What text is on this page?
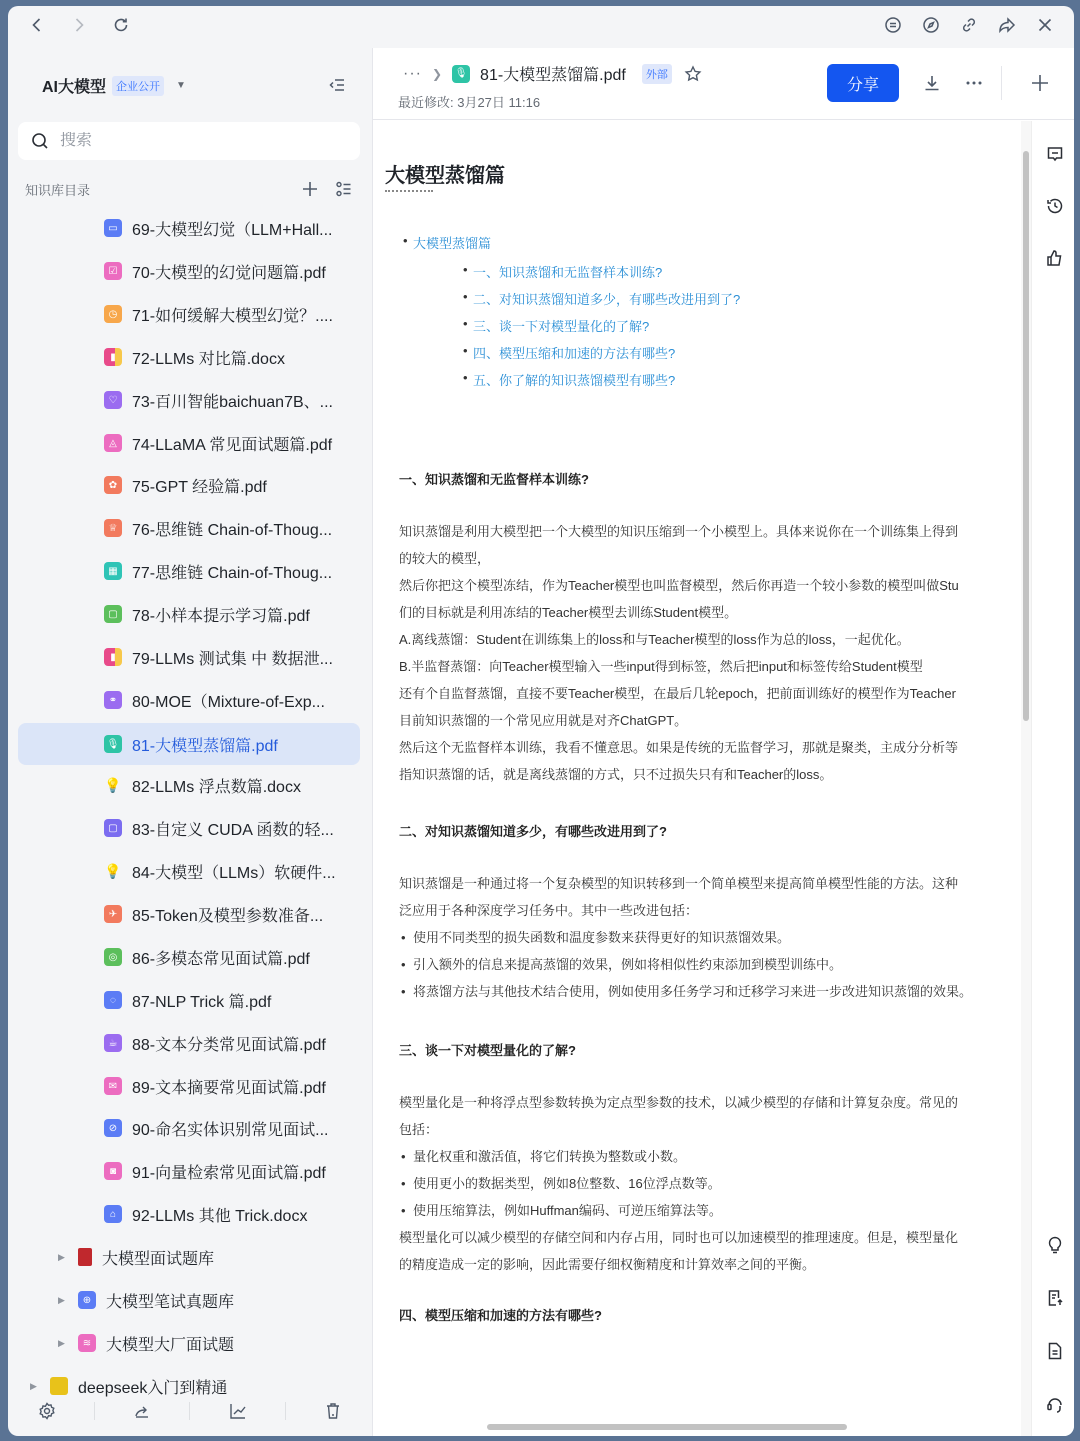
AI大模型 企业公开	▼
搜索
知识库目录
▭ 69-大模型幻觉（LLM+Hall...
☑ 70-大模型的幻觉问题篇.pdf
◷ 71-如何缓解大模型幻觉？....
▮	72-LLMs 对比篇.docx
♡ 73-百川智能baichuan7B、...
◬ 74-LLaMA 常见面试题篇.pdf
✿ 75-GPT 经验篇.pdf
♕ 76-思维链 Chain-of-Thoug...
▦ 77-思维链 Chain-of-Thoug...
▢ 78-小样本提示学习篇.pdf
▮	79-LLMs 测试集 中 数据泄...
⚭ 80-MOE（Mixture-of-Exp...
🎙 81-大模型蒸馏篇.pdf
💡 82-LLMs 浮点数篇.docx
▢ 83-自定义 CUDA 函数的轻...
💡 84-大模型（LLMs）软硬件...
✈ 85-Token及模型参数准备...
◎ 86-多模态常见面试篇.pdf
◌	87-NLP Trick 篇.pdf
☕ 88-文本分类常见面试篇.pdf
✉ 89-文本摘要常见面试篇.pdf
⊘ 90-命名实体识别常见面试...
◙ 91-向量检索常见面试篇.pdf
⌂ 92-LLMs 其他 Trick.docx
▶ 大模型面试题库
▶	⊕ 大模型笔试真题库
▶	≋ 大模型大厂面试题
▶	deepseek入门到精通
··· ❯ 🎙 81-大模型蒸馏篇.pdf	外部
最近修改: 3月27日 11:16
分享
大模型蒸馏篇
• 大模型蒸馏篇
• 一、知识蒸馏和无监督样本训练?
• 二、对知识蒸馏知道多少，有哪些改进用到了?
• 三、谈一下对模型量化的了解?
• 四、模型压缩和加速的方法有哪些?
• 五、你了解的知识蒸馏模型有哪些?
一、知识蒸馏和无监督样本训练?
知识蒸馏是利用大模型把一个大模型的知识压缩到一个小模型上。具体来说你在一个训练集上得到
的较大的模型，
然后你把这个模型冻结，作为Teacher模型也叫监督模型，然后你再造一个较小参数的模型叫做Stu
们的目标就是利用冻结的Teacher模型去训练Student模型。
A.离线蒸馏：Student在训练集上的loss和与Teacher模型的loss作为总的loss，一起优化。
B.半监督蒸馏：向Teacher模型输入一些input得到标签，然后把input和标签传给Student模型
还有个自监督蒸馏，直接不要Teacher模型，在最后几轮epoch，把前面训练好的模型作为Teacher
目前知识蒸馏的一个常见应用就是对齐ChatGPT。
然后这个无监督样本训练，我看不懂意思。如果是传统的无监督学习，那就是聚类，主成分分析等
指知识蒸馏的话，就是离线蒸馏的方式，只不过损失只有和Teacher的loss。
二、对知识蒸馏知道多少，有哪些改进用到了?
知识蒸馏是一种通过将一个复杂模型的知识转移到一个简单模型来提高简单模型性能的方法。这种
泛应用于各种深度学习任务中。其中一些改进包括：
• 使用不同类型的损失函数和温度参数来获得更好的知识蒸馏效果。
• 引入额外的信息来提高蒸馏的效果，例如将相似性约束添加到模型训练中。
• 将蒸馏方法与其他技术结合使用，例如使用多任务学习和迁移学习来进一步改进知识蒸馏的效果。
三、谈一下对模型量化的了解?
模型量化是一种将浮点型参数转换为定点型参数的技术，以减少模型的存储和计算复杂度。常见的
包括：
• 量化权重和激活值，将它们转换为整数或小数。
• 使用更小的数据类型，例如8位整数、16位浮点数等。
• 使用压缩算法，例如Huffman编码、可逆压缩算法等。
模型量化可以减少模型的存储空间和内存占用，同时也可以加速模型的推理速度。但是，模型量化
的精度造成一定的影响，因此需要仔细权衡精度和计算效率之间的平衡。
四、模型压缩和加速的方法有哪些?
